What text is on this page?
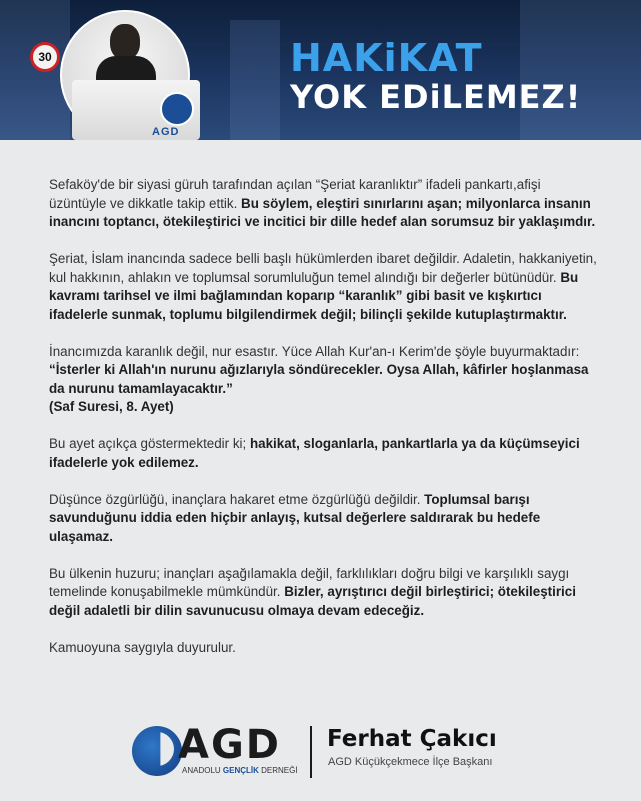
30
AGD
HAKiKAT
YOK EDiLEMEZ!
Sefaköy'de bir siyasi güruh tarafından açılan “Şeriat karanlıktır” ifadeli pankartı,afişi üzüntüyle ve dikkatle takip ettik. Bu söylem, eleştiri sınırlarını aşan; milyonlarca insanın inancını toptancı, ötekileştirici ve incitici bir dille hedef alan sorumsuz bir yaklaşımdır.
Şeriat, İslam inancında sadece belli başlı hükümlerden ibaret değildir. Adaletin, hakkaniyetin, kul hakkının, ahlakın ve toplumsal sorumluluğun temel alındığı bir değerler bütünüdür. Bu kavramı tarihsel ve ilmi bağlamından koparıp “karanlık” gibi basit ve kışkırtıcı ifadelerle sunmak, toplumu bilgilendirmek değil; bilinçli şekilde kutuplaştırmaktır.
İnancımızda karanlık değil, nur esastır. Yüce Allah Kur'an-ı Kerim'de şöyle buyurmaktadır: “İsterler ki Allah'ın nurunu ağızlarıyla söndürecekler. Oysa Allah, kâfirler hoşlanmasa da nurunu tamamlayacaktır.”
(Saf Suresi, 8. Ayet)
Bu ayet açıkça göstermektedir ki; hakikat, sloganlarla, pankartlarla ya da küçümseyici ifadelerle yok edilemez.
Düşünce özgürlüğü, inançlara hakaret etme özgürlüğü değildir. Toplumsal barışı savunduğunu iddia eden hiçbir anlayış, kutsal değerlere saldırarak bu hedefe ulaşamaz.
Bu ülkenin huzuru; inançları aşağılamakla değil, farklılıkları doğru bilgi ve karşılıklı saygı temelinde konuşabilmekle mümkündür. Bizler, ayrıştırıcı değil birleştirici; ötekileştirici değil adaletli bir dilin savunucusu olmaya devam edeceğiz.
Kamuoyuna saygıyla duyurulur.
AGD
ANADOLU GENÇLİK DERNEĞİ
Ferhat Çakıcı
AGD Küçükçekmece İlçe Başkanı
